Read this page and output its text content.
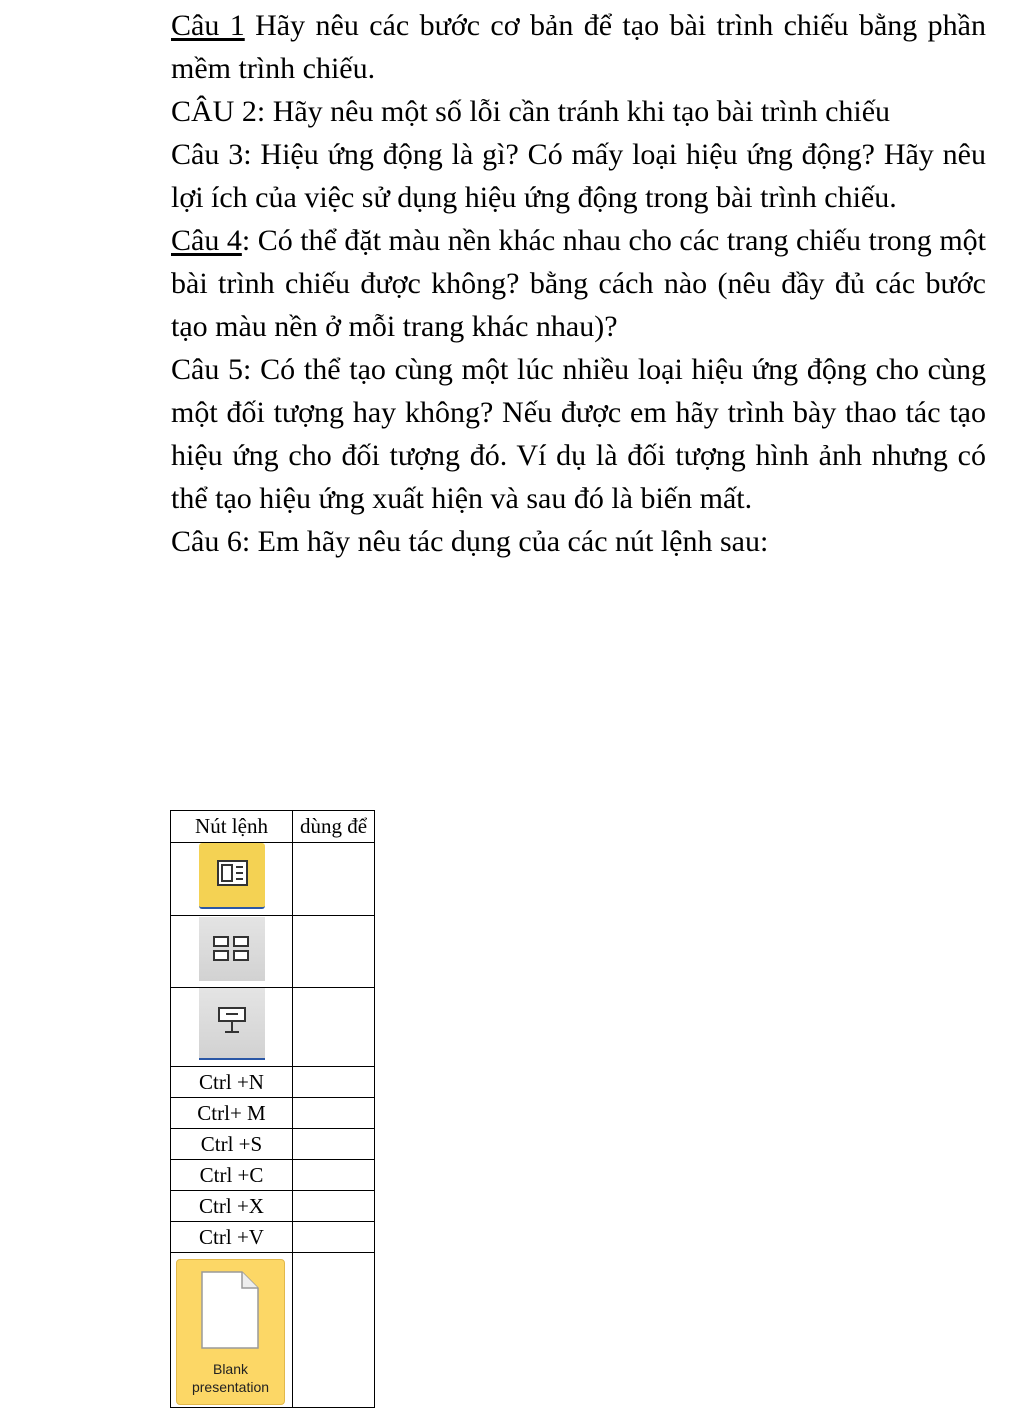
Câu 1 Hãy nêu các bước cơ bản để tạo bài trình chiếu bằng phần mềm trình chiếu.

CÂU 2: Hãy nêu một số lỗi cần tránh khi tạo bài trình chiếu

Câu 3: Hiệu ứng động là gì? Có mấy loại hiệu ứng động? Hãy nêu lợi ích của việc sử dụng hiệu ứng động trong bài trình chiếu.

Câu 4: Có thể đặt màu nền khác nhau cho các trang chiếu trong một bài trình chiếu được không? bằng cách nào (nêu đầy đủ các bước tạo màu nền ở mỗi trang khác nhau)?

Câu 5: Có thể tạo cùng một lúc nhiều loại hiệu ứng động cho cùng một đối tượng hay không? Nếu được em hãy trình bày thao tác tạo hiệu ứng cho đối tượng đó. Ví dụ là đối tượng hình ảnh nhưng có thể tạo hiệu ứng xuất hiện và sau đó là biến mất.

Câu 6: Em hãy nêu tác dụng của các nút lệnh sau:

Nút lệnh	dùng để

Ctrl +N	
Ctrl+ M	
Ctrl +S	
Ctrl +C	
Ctrl +X	
Ctrl +V	

Blank
presentation	
